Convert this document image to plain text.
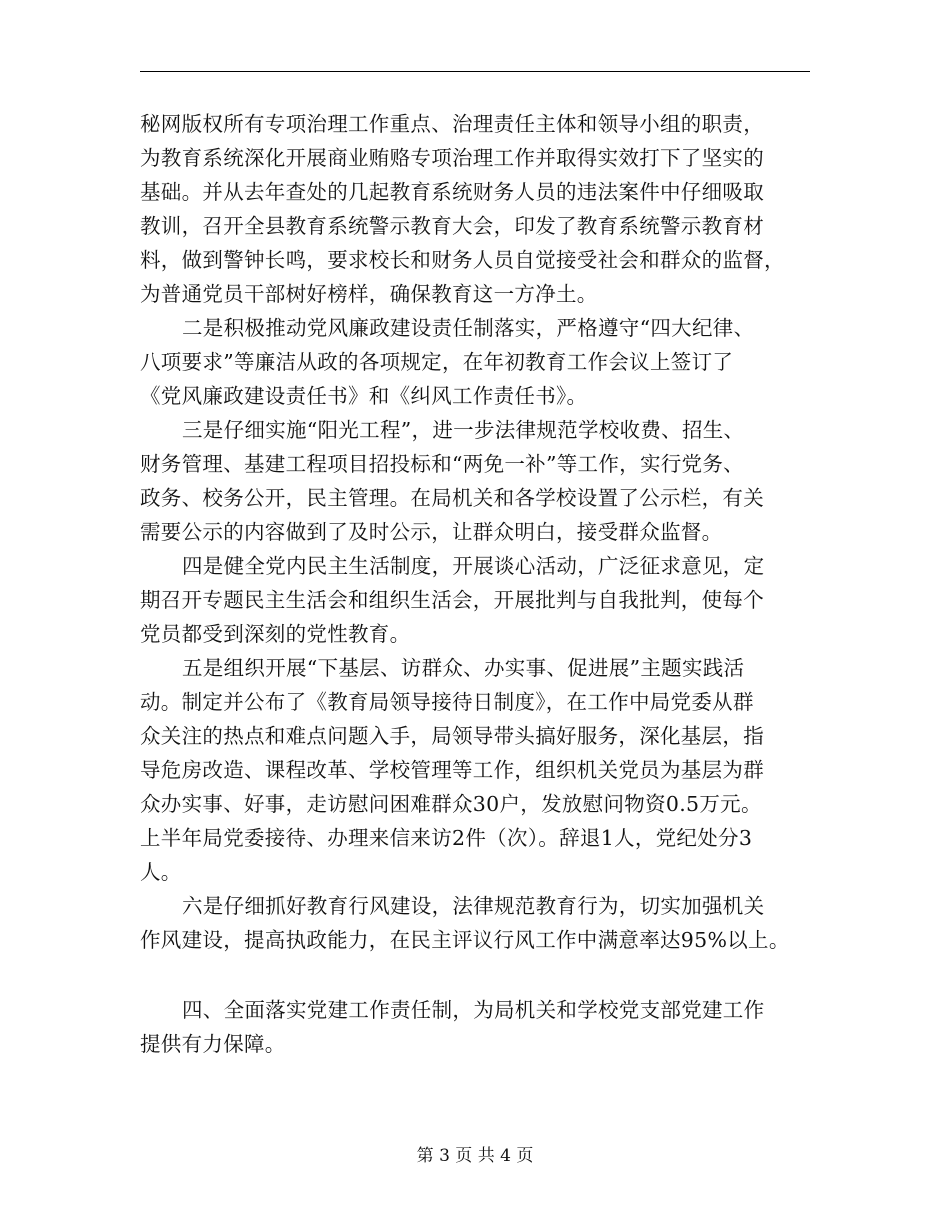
秘网版权所有专项治理工作重点、治理责任主体和领导小组的职责，
为教育系统深化开展商业贿赂专项治理工作并取得实效打下了坚实的
基础。并从去年查处的几起教育系统财务人员的违法案件中仔细吸取
教训，召开全县教育系统警示教育大会，印发了教育系统警示教育材
料，做到警钟长鸣，要求校长和财务人员自觉接受社会和群众的监督，
为普通党员干部树好榜样，确保教育这一方净土。
二是积极推动党风廉政建设责任制落实，严格遵守“四大纪律、
八项要求”等廉洁从政的各项规定，在年初教育工作会议上签订了
《党风廉政建设责任书》和《纠风工作责任书》。
三是仔细实施“阳光工程”，进一步法律规范学校收费、招生、
财务管理、基建工程项目招投标和“两免一补”等工作，实行党务、
政务、校务公开，民主管理。在局机关和各学校设置了公示栏，有关
需要公示的内容做到了及时公示，让群众明白，接受群众监督。
四是健全党内民主生活制度，开展谈心活动，广泛征求意见，定
期召开专题民主生活会和组织生活会，开展批判与自我批判，使每个
党员都受到深刻的党性教育。
五是组织开展“下基层、访群众、办实事、促进展”主题实践活
动。制定并公布了《教育局领导接待日制度》，在工作中局党委从群
众关注的热点和难点问题入手，局领导带头搞好服务，深化基层，指
导危房改造、课程改革、学校管理等工作，组织机关党员为基层为群
众办实事、好事，走访慰问困难群众30户，发放慰问物资0.5万元。
上半年局党委接待、办理来信来访2件（次）。辞退1人，党纪处分3
人。
六是仔细抓好教育行风建设，法律规范教育行为，切实加强机关
作风建设，提高执政能力，在民主评议行风工作中满意率达95%以上。
四、全面落实党建工作责任制，为局机关和学校党支部党建工作
提供有力保障。
第 3 页 共 4 页
